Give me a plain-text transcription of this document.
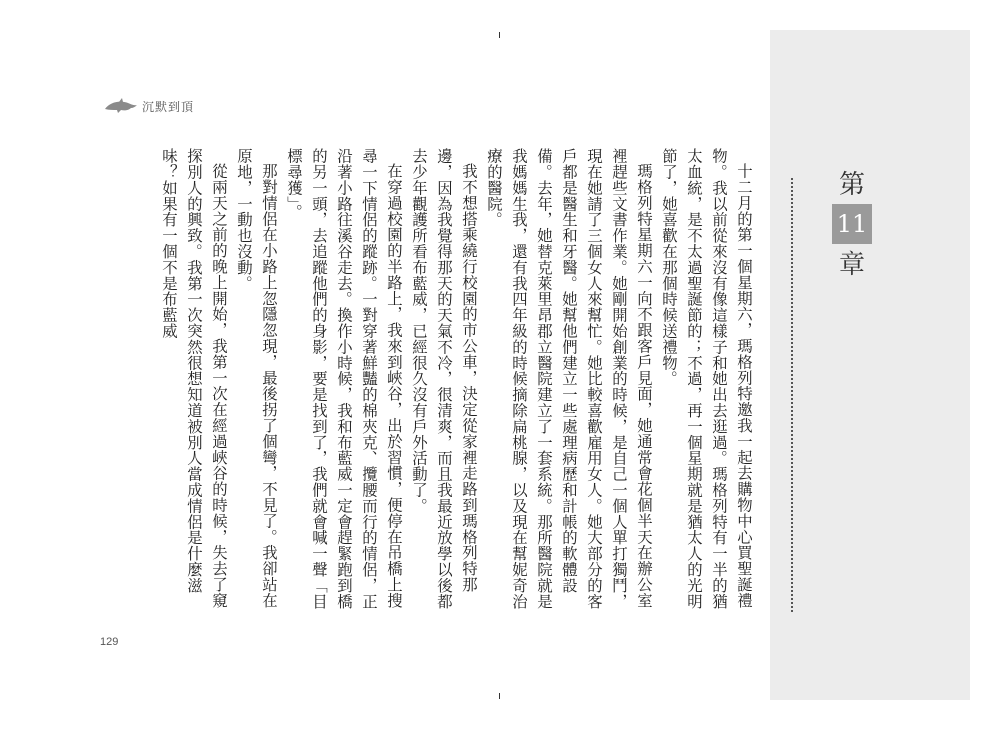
沉默到頂

十二月的第一個星期六，瑪格列特邀我一起去購物中心買聖誕禮物。我以前從來沒有像這樣子和她出去逛過。瑪格列特有一半的猶太血統，是不太過聖誕節的；不過，再一個星期就是猶太人的光明節了，她喜歡在那個時候送禮物。

瑪格列特星期六一向不跟客戶見面，她通常會花個半天在辦公室裡趕些文書作業。她剛開始創業的時候，是自己一個人單打獨鬥，現在她請了三個女人來幫忙。她比較喜歡雇用女人。她大部分的客戶都是醫生和牙醫。她幫他們建立一些處理病歷和計帳的軟體設備。去年，她替克萊里昂郡立醫院建立了一套系統。那所醫院就是我媽媽生我，還有我四年級的時候摘除扁桃腺，以及現在幫妮奇治療的醫院。

我不想搭乘繞行校園的市公車，決定從家裡走路到瑪格列特那邊，因為我覺得那天的天氣不冷，很清爽，而且我最近放學以後都去少年觀護所看布藍威，已經很久沒有戶外活動了。

在穿過校園的半路上，我來到峽谷，出於習慣，便停在吊橋上搜尋一下情侶的蹤跡。一對穿著鮮豔的棉夾克、攬腰而行的情侶，正沿著小路往溪谷走去。換作小時候，我和布藍威一定會趕緊跑到橋的另一頭，去追蹤他們的身影，要是找到了，我們就會喊一聲「目標尋獲」。

那對情侶在小路上忽隱忽現，最後拐了個彎，不見了。我卻站在原地，一動也沒動。

從兩天之前的晚上開始，我第一次在經過峽谷的時候，失去了窺探別人的興致。我第一次突然很想知道被別人當成情侶是什麼滋味？如果有一個不是布藍威

129
第
11
章
